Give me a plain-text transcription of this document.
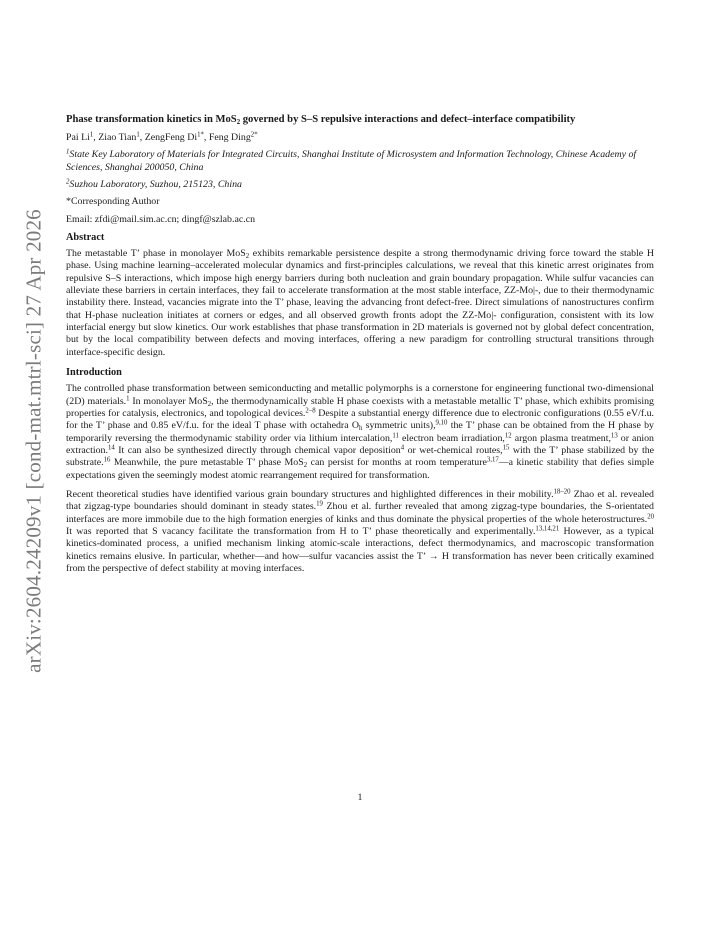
arXiv:2604.24209v1 [cond-mat.mtrl-sci] 27 Apr 2026
Phase transformation kinetics in MoS$_2$ governed by S–S repulsive interactions and defect–interface compatibility
Pai Li$^1$, Ziao Tian$^1$, ZengFeng $Di^{1*}$, Feng Ding$^{2*}$
$^1$State Key Laboratory of Materials for Integrated Circuits, Shanghai Institute of Microsystem and Information Technology, Chinese Academy of Sciences, Shanghai 200050, China
$^2$Suzhou Laboratory, Suzhou, 215123, China
*Corresponding Author
Email: zfdi@mail.sim.ac.cn; dingf@szlab.ac.cn
Abstract

The metastable T’ phase in monolayer MoS$_2$ exhibits remarkable persistence despite a strong thermodynamic driving force toward the stable H phase. Using machine learning–accelerated molecular dynamics and first-principles calculations, we reveal that this kinetic arrest originates from repulsive S–S interactions, which impose high energy barriers during both nucleation and grain boundary propagation. While sulfur vacancies can alleviate these barriers in certain interfaces, they fail to accelerate transformation at the most stable interface, ZZ-Mo|-, due to their thermodynamic instability there. Instead, vacancies migrate into the T’ phase, leaving the advancing front defect-free. Direct simulations of nanostructures confirm that H-phase nucleation initiates at corners or edges, and all observed growth fronts adopt the ZZ-Mo|- configuration, consistent with its low interfacial energy but slow kinetics. Our work establishes that phase transformation in 2D materials is governed not by global defect concentration, but by the local compatibility between defects and moving interfaces, offering a new paradigm for controlling structural transitions through interface-specific design.

Introduction

The controlled phase transformation between semiconducting and metallic polymorphs is a cornerstone for engineering functional two-dimensional (2D) materials.$^1$ In monolayer MoS$_2$, the thermodynamically stable H phase coexists with a metastable metallic T’ phase, which exhibits promising properties for catalysis, electronics, and topological devices.$^{2-8}$ Despite a substantial energy difference due to electronic configurations (0.55 eV/f.u. for the T’ phase and 0.85 eV/f.u. for the ideal T phase with octahedra $O_h$ symmetric units),$^{9,10}$ the T’ phase can be obtained from the H phase by temporarily reversing the thermodynamic stability order via lithium intercalation,$^{11}$ electron beam irradiation,$^{12}$ argon plasma treatment,$^{13}$ or anion extraction.$^{14}$ It can also be synthesized directly through chemical vapor deposition$^4$ or wet-chemical routes,$^{15}$ with the T’ phase stabilized by the substrate.$^{16}$ Meanwhile, the pure metastable T’ phase MoS$_2$ can persist for months at room temperature$^{3,17}$—a kinetic stability that defies simple expectations given the seemingly modest atomic rearrangement required for transformation.

Recent theoretical studies have identified various grain boundary structures and highlighted differences in their mobility.$^{18-20}$ Zhao et al. revealed that zigzag-type boundaries should dominant in steady states.$^{19}$ Zhou et al. further revealed that among zigzag-type boundaries, the S-orientated interfaces are more immobile due to the high formation energies of kinks and thus dominate the physical properties of the whole heterostructures.$^{20}$ It was reported that S vacancy facilitate the transformation from H to T’ phase theoretically and experimentally.$^{13,14,21}$ However, as a typical kinetics-dominated process, a unified mechanism linking atomic-scale interactions, defect thermodynamics, and macroscopic transformation kinetics remains elusive. In particular, whether—and how—sulfur vacancies assist the T’ → H transformation has never been critically examined from the perspective of defect stability at moving interfaces.

1
